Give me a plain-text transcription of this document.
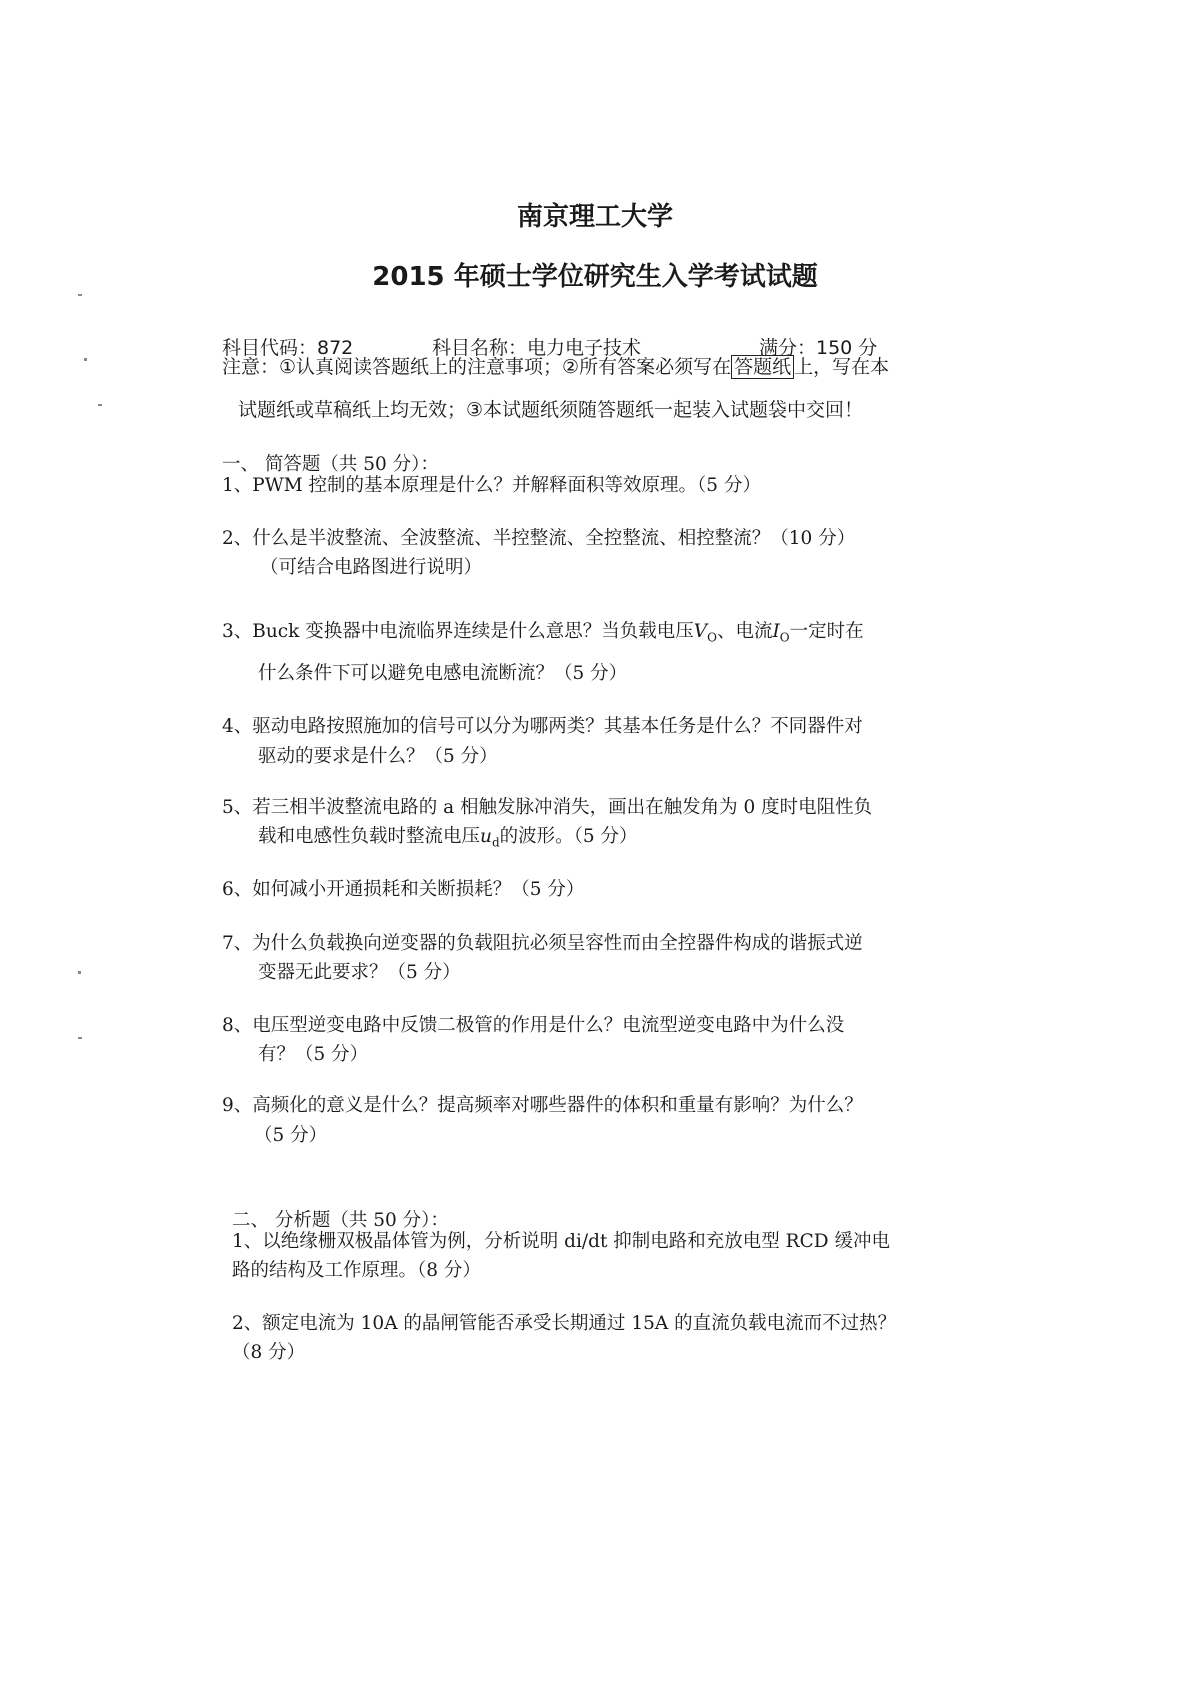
南京理工大学
2015 年硕士学位研究生入学考试试题
科目代码：872	科目名称：电力电子技术	满分：150 分
注意：①认真阅读答题纸上的注意事项；②所有答案必须写在 答题纸 上，写在本
试题纸或草稿纸上均无效；③本试题纸须随答题纸一起装入试题袋中交回！
一、 简答题（共 50 分）：
1、PWM 控制的基本原理是什么？并解释面积等效原理。（5 分）
2、什么是半波整流、全波整流、半控整流、全控整流、相控整流？（10 分）
（可结合电路图进行说明）
3、Buck 变换器中电流临界连续是什么意思？当负载电压$V_O$、电流$I_O$一定时在
什么条件下可以避免电感电流断流？（5 分）
4、驱动电路按照施加的信号可以分为哪两类？其基本任务是什么？不同器件对
驱动的要求是什么？（5 分）
5、若三相半波整流电路的 a 相触发脉冲消失，画出在触发角为 0 度时电阻性负
载和电感性负载时整流电压$u_d$的波形。（5 分）
6、如何减小开通损耗和关断损耗？（5 分）
7、为什么负载换向逆变器的负载阻抗必须呈容性而由全控器件构成的谐振式逆
变器无此要求？（5 分）
8、电压型逆变电路中反馈二极管的作用是什么？电流型逆变电路中为什么没
有？（5 分）
9、高频化的意义是什么？提高频率对哪些器件的体积和重量有影响？为什么？
（5 分）
二、 分析题（共 50 分）：
1、以绝缘栅双极晶体管为例，分析说明 di/dt 抑制电路和充放电型 RCD 缓冲电
路的结构及工作原理。（8 分）
2、额定电流为 10A 的晶闸管能否承受长期通过 15A 的直流负载电流而不过热？
（8 分）
